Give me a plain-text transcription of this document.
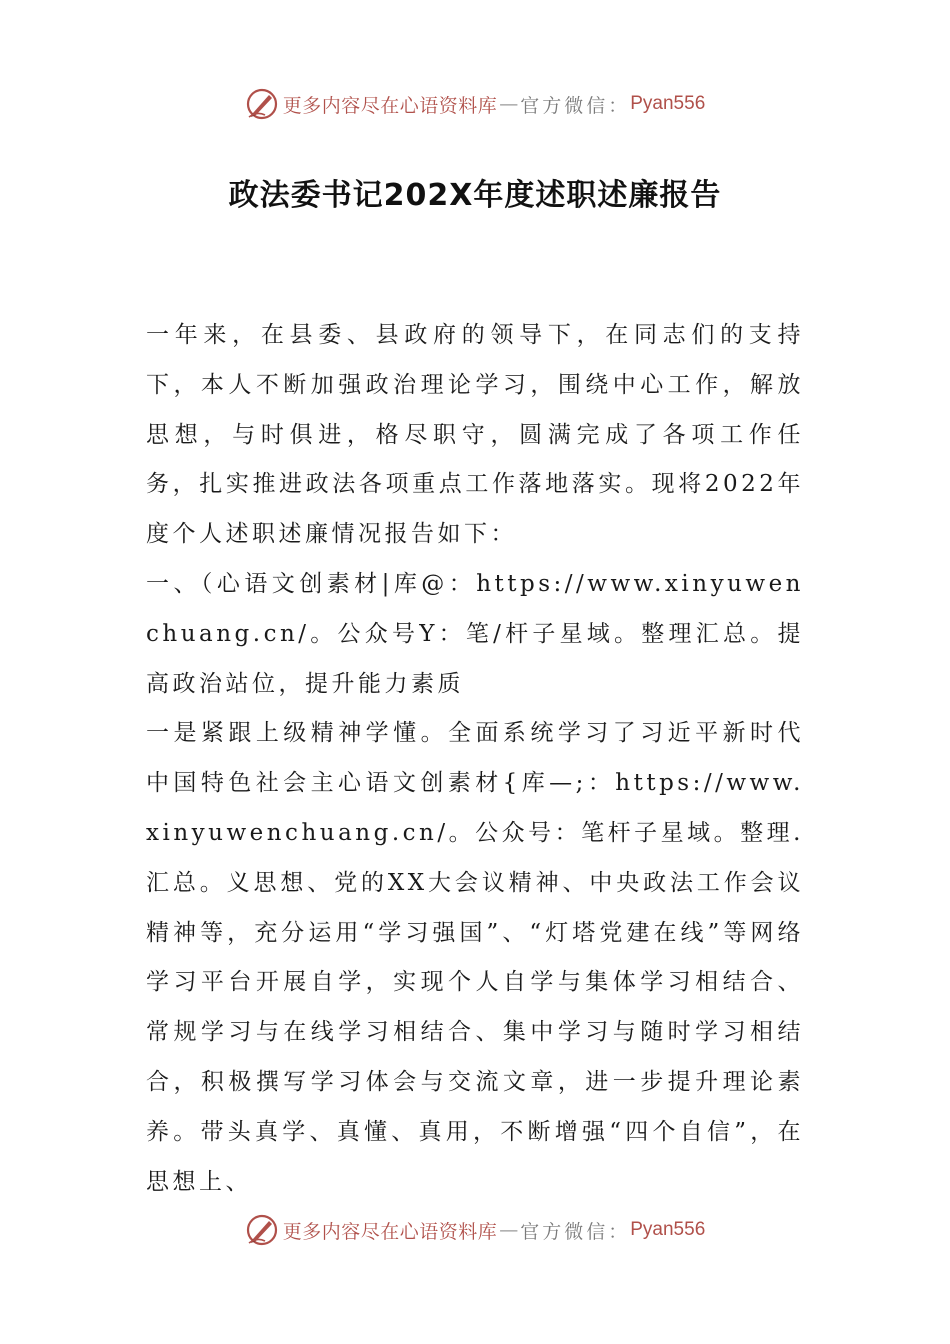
更多内容尽在心语资料库 — 官方微信： Pyan556
政法委书记202X年度述职述廉报告

一年来，在县委、县政府的领导下，在同志们的支持下，本人不断加强政治理论学习，围绕中心工作，解放思想，与时俱进，格尽职守，圆满完成了各项工作任务，扎实推进政法各项重点工作落地落实。现将2022年度个人述职述廉情况报告如下：

一、（心语文创素材|库@：https://www.xinyuwenchuang.cn/。公众号Y：笔/杆子星域。整理汇总。提高政治站位，提升能力素质

一是紧跟上级精神学懂。全面系统学习了习近平新时代中国特色社会主心语文创素材{库—;：https://www.xinyuwenchuang.cn/。公众号：笔杆子星域。整理.汇总。义思想、党的XX大会议精神、中央政法工作会议精神等，充分运用“学习强国”、“灯塔党建在线”等网络学习平台开展自学，实现个人自学与集体学习相结合、常规学习与在线学习相结合、集中学习与随时学习相结合，积极撰写学习体会与交流文章，进一步提升理论素养。带头真学、真懂、真用，不断增强“四个自信”，在思想上、

更多内容尽在心语资料库 — 官方微信： Pyan556
